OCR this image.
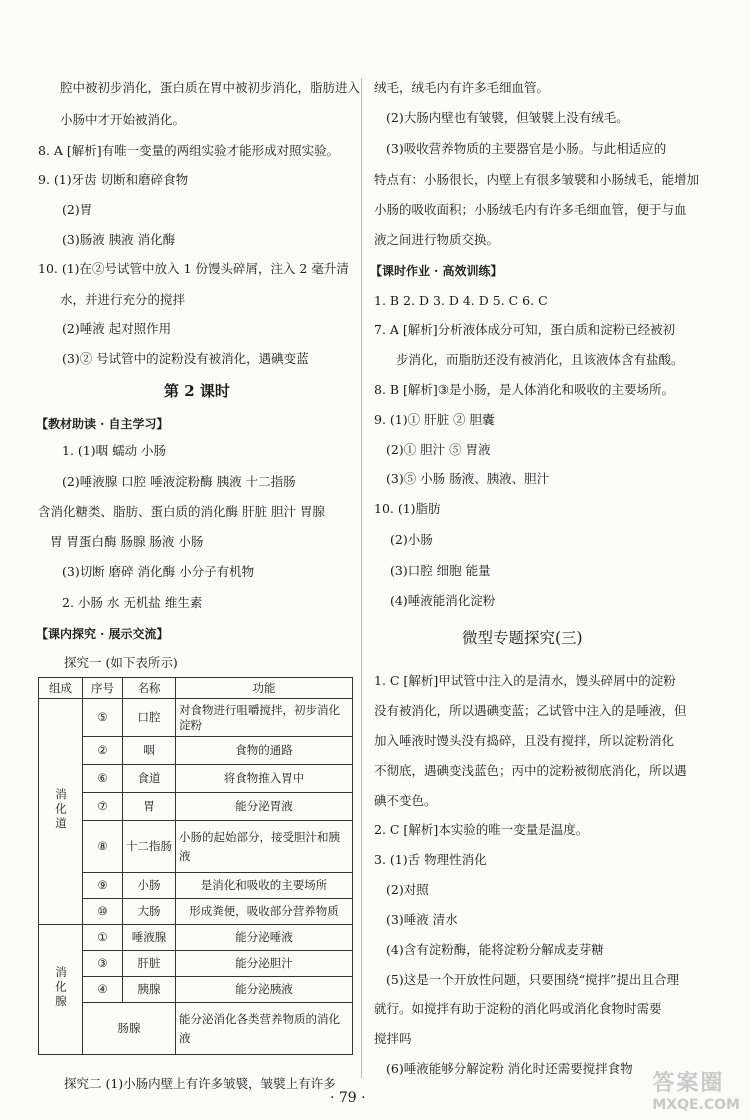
腔中被初步消化，蛋白质在胃中被初步消化，脂肪进入
小肠中才开始被消化。
8. A [解析]有唯一变量的两组实验才能形成对照实验。
9. (1)牙齿 切断和磨碎食物
(2)胃
(3)肠液 胰液 消化酶
10. (1)在②号试管中放入 1 份馒头碎屑，注入 2 毫升清
水，并进行充分的搅拌
(2)唾液 起对照作用
(3)② 号试管中的淀粉没有被消化，遇碘变蓝
第 2 课时
【教材助读 · 自主学习】
1. (1)咽 蠕动 小肠
(2)唾液腺 口腔 唾液淀粉酶 胰液 十二指肠
含消化糖类、脂肪、蛋白质的消化酶 肝脏 胆汁 胃腺
胃 胃蛋白酶 肠腺 肠液 小肠
(3)切断 磨碎 消化酶 小分子有机物
2. 小肠 水 无机盐 维生素
【课内探究 · 展示交流】
探究一 (如下表所示)
组成	序号	名称	功能
消化道	⑤	口腔	对食物进行咀嚼搅拌，初步消化淀粉
	②	咽	食物的通路
	⑥	食道	将食物推入胃中
	⑦	胃	能分泌胃液
	⑧	十二指肠	小肠的起始部分，接受胆汁和胰液
	⑨	小肠	是消化和吸收的主要场所
	⑩	大肠	形成粪便，吸收部分营养物质
消化腺	①	唾液腺	能分泌唾液
	③	肝脏	能分泌胆汁
	④	胰腺	能分泌胰液
	肠腺		能分泌消化各类营养物质的消化液
探究二 (1)小肠内壁上有许多皱襞，皱襞上有许多
绒毛，绒毛内有许多毛细血管。
(2)大肠内壁也有皱襞，但皱襞上没有绒毛。
(3)吸收营养物质的主要器官是小肠。与此相适应的
特点有：小肠很长，内壁上有很多皱襞和小肠绒毛，能增加
小肠的吸收面积；小肠绒毛内有许多毛细血管，便于与血
液之间进行物质交换。
【课时作业 · 高效训练】
1. B 2. D 3. D 4. D 5. C 6. C
7. A [解析]分析液体成分可知，蛋白质和淀粉已经被初
步消化，而脂肪还没有被消化，且该液体含有盐酸。
8. B [解析]③是小肠，是人体消化和吸收的主要场所。
9. (1)① 肝脏 ② 胆囊
(2)① 胆汁 ⑤ 胃液
(3)⑤ 小肠 肠液、胰液、胆汁
10. (1)脂肪
(2)小肠
(3)口腔 细胞 能量
(4)唾液能消化淀粉
微型专题探究(三)
1. C [解析]甲试管中注入的是清水，馒头碎屑中的淀粉
没有被消化，所以遇碘变蓝；乙试管中注入的是唾液，但
加入唾液时馒头没有捣碎，且没有搅拌，所以淀粉消化
不彻底，遇碘变浅蓝色；丙中的淀粉被彻底消化，所以遇
碘不变色。
2. C [解析]本实验的唯一变量是温度。
3. (1)舌 物理性消化
(2)对照
(3)唾液 清水
(4)含有淀粉酶，能将淀粉分解成麦芽糖
(5)这是一个开放性问题，只要围绕“搅拌”提出且合理
就行。如搅拌有助于淀粉的消化吗或消化食物时需要
搅拌吗
(6)唾液能够分解淀粉 消化时还需要搅拌食物
· 79 ·
答案圈
MXQE.COM
